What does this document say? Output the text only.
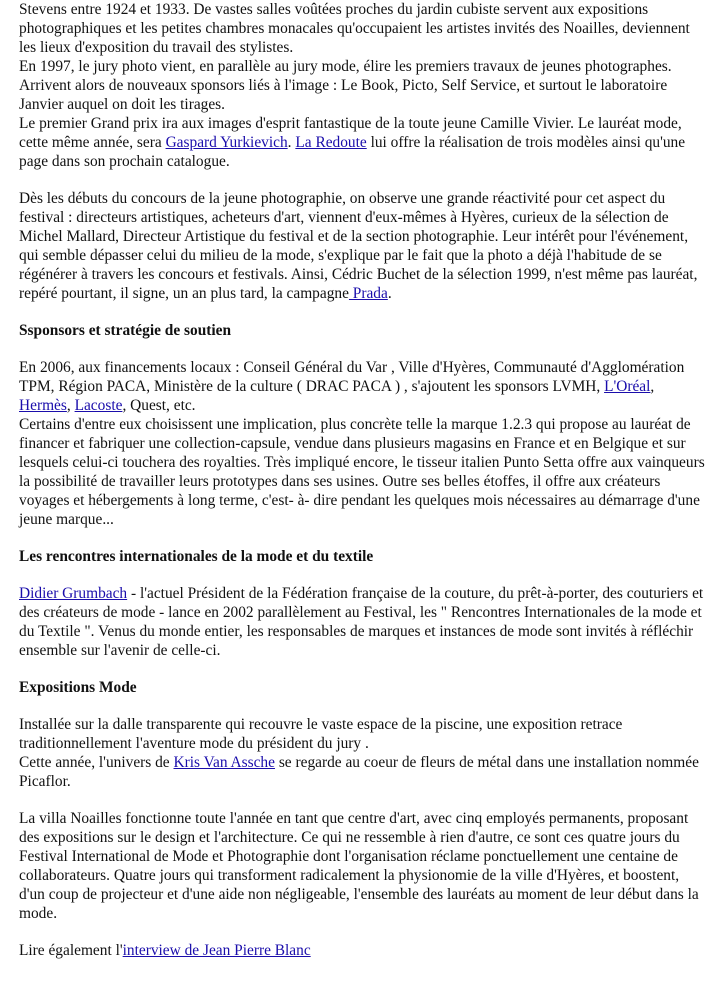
Stevens entre 1924 et 1933. De vastes salles voûtées proches du jardin cubiste servent aux expositions photographiques et les petites chambres monacales qu'occupaient les artistes invités des Noailles, deviennent les lieux d'exposition du travail des stylistes.

En 1997, le jury photo vient, en parallèle au jury mode, élire les premiers travaux de jeunes photographes. Arrivent alors de nouveaux sponsors liés à l'image : Le Book, Picto, Self Service, et surtout le laboratoire Janvier auquel on doit les tirages.

Le premier Grand prix ira aux images d'esprit fantastique de la toute jeune Camille Vivier. Le lauréat mode, cette même année, sera Gaspard Yurkievich. La Redoute lui offre la réalisation de trois modèles ainsi qu'une page dans son prochain catalogue.

Dès les débuts du concours de la jeune photographie, on observe une grande réactivité pour cet aspect du festival : directeurs artistiques, acheteurs d'art, viennent d'eux-mêmes à Hyères, curieux de la sélection de Michel Mallard, Directeur Artistique du festival et de la section photographie. Leur intérêt pour l'événement, qui semble dépasser celui du milieu de la mode, s'explique par le fait que la photo a déjà l'habitude de se régénérer à travers les concours et festivals. Ainsi, Cédric Buchet de la sélection 1999, n'est même pas lauréat, repéré pourtant, il signe, un an plus tard, la campagne Prada.

Ssponsors et stratégie de soutien

En 2006, aux financements locaux : Conseil Général du Var , Ville d'Hyères, Communauté d'Agglomération TPM, Région PACA, Ministère de la culture ( DRAC PACA ) , s'ajoutent les sponsors LVMH, L'Oréal, Hermès, Lacoste, Quest, etc.

Certains d'entre eux choisissent une implication, plus concrète telle la marque 1.2.3 qui propose au lauréat de financer et fabriquer une collection-capsule, vendue dans plusieurs magasins en France et en Belgique et sur lesquels celui-ci touchera des royalties. Très impliqué encore, le tisseur italien Punto Setta offre aux vainqueurs la possibilité de travailler leurs prototypes dans ses usines. Outre ses belles étoffes, il offre aux créateurs voyages et hébergements à long terme, c'est- à- dire pendant les quelques mois nécessaires au démarrage d'une jeune marque...

Les rencontres internationales de la mode et du textile

Didier Grumbach - l'actuel Président de la Fédération française de la couture, du prêt-à-porter, des couturiers et des créateurs de mode - lance en 2002 parallèlement au Festival, les " Rencontres Internationales de la mode et du Textile ". Venus du monde entier, les responsables de marques et instances de mode sont invités à réfléchir ensemble sur l'avenir de celle-ci.

Expositions Mode

Installée sur la dalle transparente qui recouvre le vaste espace de la piscine, une exposition retrace traditionnellement l'aventure mode du président du jury .

Cette année, l'univers de Kris Van Assche se regarde au coeur de fleurs de métal dans une installation nommée Picaflor.

La villa Noailles fonctionne toute l'année en tant que centre d'art, avec cinq employés permanents, proposant des expositions sur le design et l'architecture. Ce qui ne ressemble à rien d'autre, ce sont ces quatre jours du Festival International de Mode et Photographie dont l'organisation réclame ponctuellement une centaine de collaborateurs. Quatre jours qui transforment radicalement la physionomie de la ville d'Hyères, et boostent, d'un coup de projecteur et d'une aide non négligeable, l'ensemble des lauréats au moment de leur début dans la mode.

Lire également l'interview de Jean Pierre Blanc
